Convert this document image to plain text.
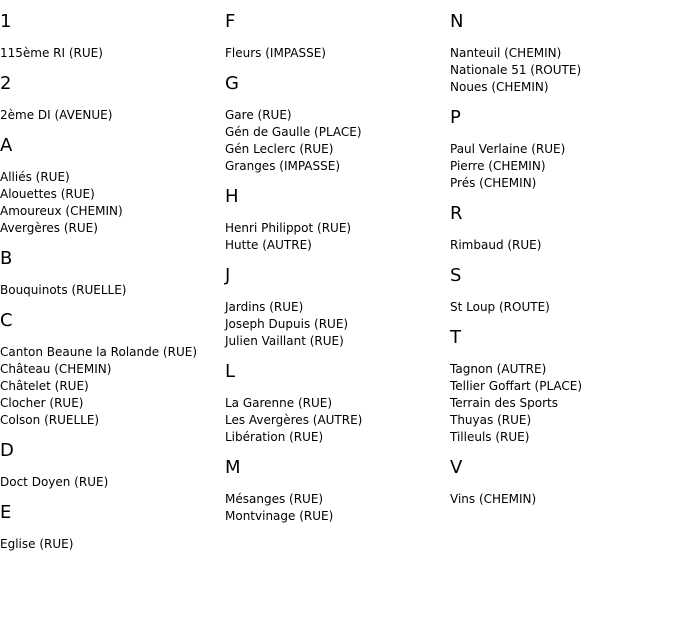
1
115ème RI (RUE)
2
2ème DI (AVENUE)
A
Alliés (RUE)
Alouettes (RUE)
Amoureux (CHEMIN)
Avergères (RUE)
B
Bouquinots (RUELLE)
C
Canton Beaune la Rolande (RUE)
Château (CHEMIN)
Châtelet (RUE)
Clocher (RUE)
Colson (RUELLE)
D
Doct Doyen (RUE)
E
Eglise (RUE)
F
Fleurs (IMPASSE)
G
Gare (RUE)
Gén de Gaulle (PLACE)
Gén Leclerc (RUE)
Granges (IMPASSE)
H
Henri Philippot (RUE)
Hutte (AUTRE)
J
Jardins (RUE)
Joseph Dupuis (RUE)
Julien Vaillant (RUE)
L
La Garenne (RUE)
Les Avergères (AUTRE)
Libération (RUE)
M
Mésanges (RUE)
Montvinage (RUE)
N
Nanteuil (CHEMIN)
Nationale 51 (ROUTE)
Noues (CHEMIN)
P
Paul Verlaine (RUE)
Pierre (CHEMIN)
Prés (CHEMIN)
R
Rimbaud (RUE)
S
St Loup (ROUTE)
T
Tagnon (AUTRE)
Tellier Goffart (PLACE)
Terrain des Sports
Thuyas (RUE)
Tilleuls (RUE)
V
Vins (CHEMIN)
